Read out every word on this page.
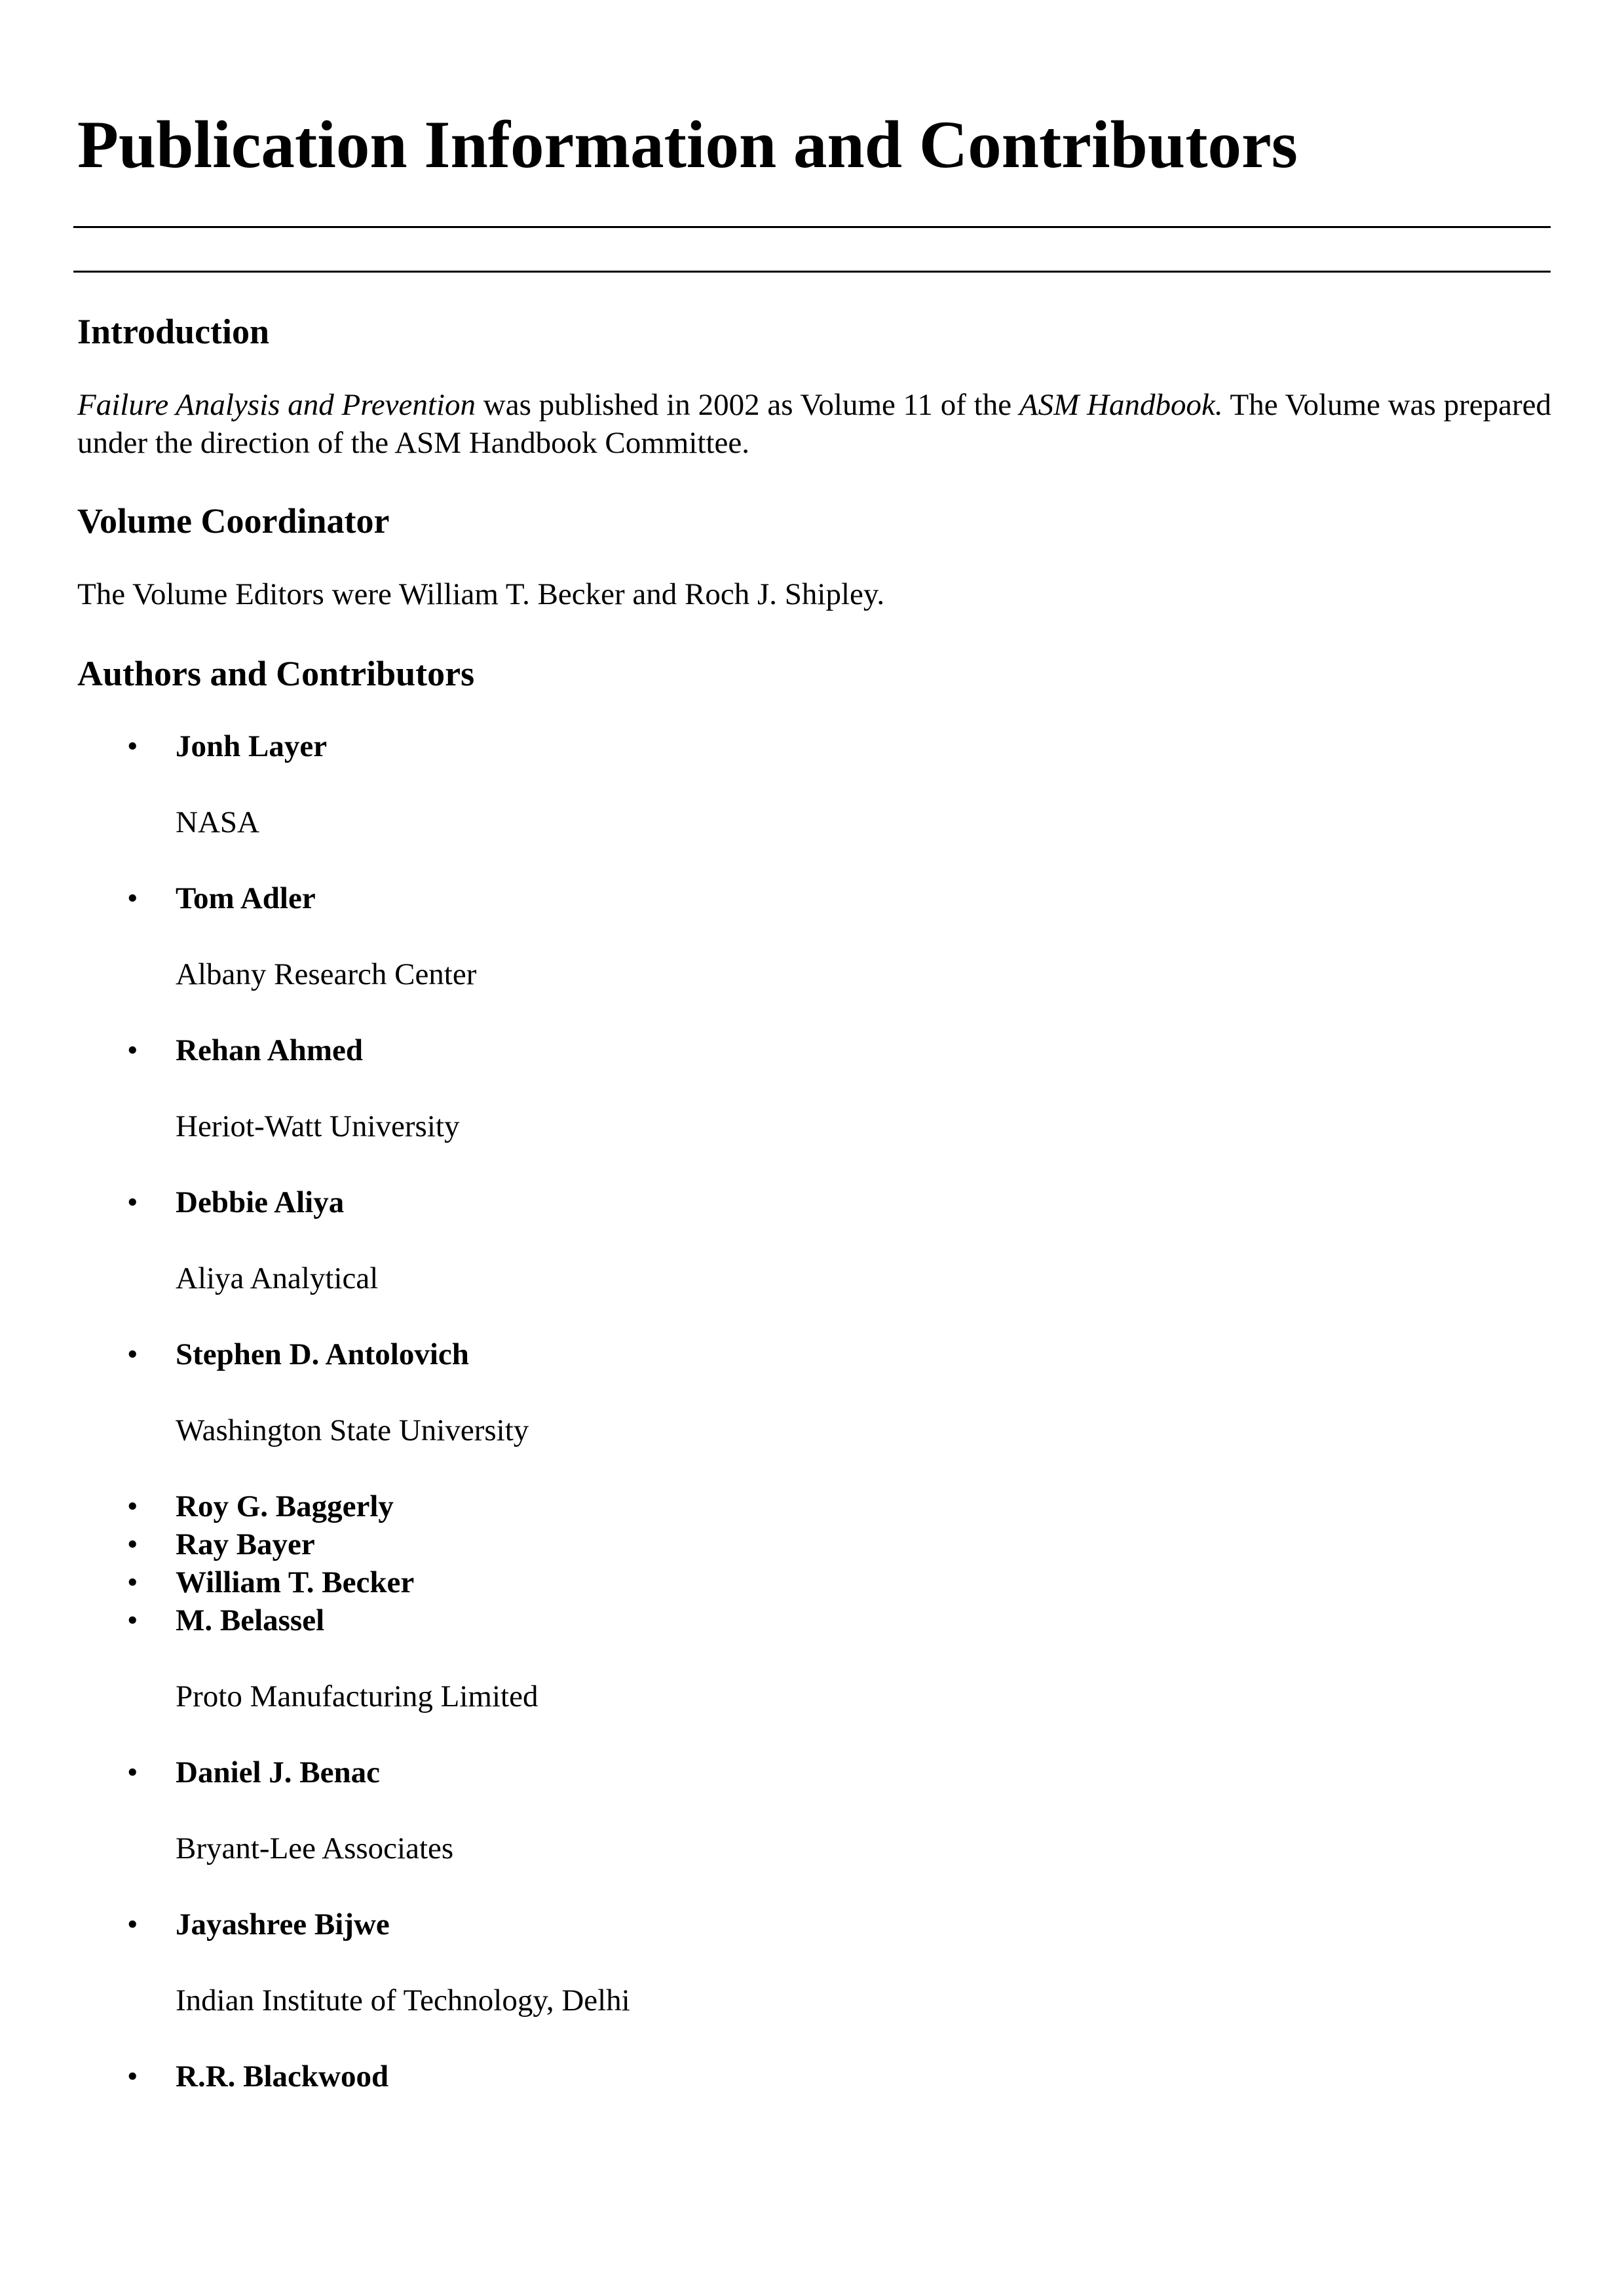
Publication Information and Contributors
Introduction

Failure Analysis and Prevention was published in 2002 as Volume 11 of the ASM Handbook. The Volume was prepared under the direction of the ASM Handbook Committee.

Volume Coordinator

The Volume Editors were William T. Becker and Roch J. Shipley.

Authors and Contributors
• Jonh Layer
NASA
• Tom Adler
Albany Research Center
• Rehan Ahmed
Heriot-Watt University
• Debbie Aliya
Aliya Analytical
• Stephen D. Antolovich
Washington State University
• Roy G. Baggerly
• Ray Bayer
• William T. Becker
• M. Belassel
Proto Manufacturing Limited
• Daniel J. Benac
Bryant-Lee Associates
• Jayashree Bijwe
Indian Institute of Technology, Delhi
• R.R. Blackwood
